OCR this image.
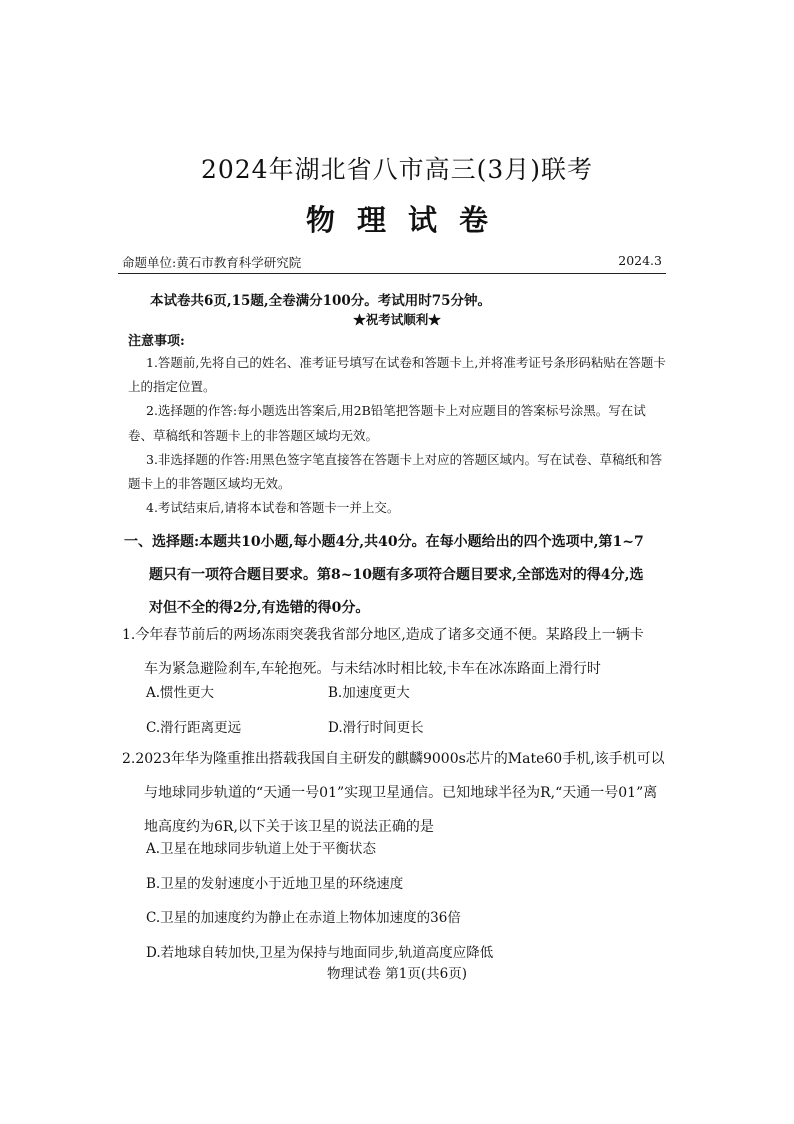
2024年湖北省八市高三(3月)联考
物理试卷
命题单位:黄石市教育科学研究院	2024.3
本试卷共6页,15题,全卷满分100分。考试用时75分钟。
★祝考试顺利★
注意事项:

1.答题前,先将自己的姓名、准考证号填写在试卷和答题卡上,并将准考证号条形码粘贴在答题卡上的指定位置。

2.选择题的作答:每小题选出答案后,用2B铅笔把答题卡上对应题目的答案标号涂黑。写在试卷、草稿纸和答题卡上的非答题区域均无效。

3.非选择题的作答:用黑色签字笔直接答在答题卡上对应的答题区域内。写在试卷、草稿纸和答题卡上的非答题区域均无效。

4.考试结束后,请将本试卷和答题卡一并上交。

一、选择题:本题共10小题,每小题4分,共40分。在每小题给出的四个选项中,第1~7
题只有一项符合题目要求。第8~10题有多项符合题目要求,全部选对的得4分,选
对但不全的得2分,有选错的得0分。
1.今年春节前后的两场冻雨突袭我省部分地区,造成了诸多交通不便。某路段上一辆卡
车为紧急避险刹车,车轮抱死。与未结冰时相比较,卡车在冰冻路面上滑行时
A.惯性更大	B.加速度更大
C.滑行距离更远	D.滑行时间更长
2.2023年华为隆重推出搭载我国自主研发的麒麟9000s芯片的Mate60手机,该手机可以
与地球同步轨道的“天通一号01”实现卫星通信。已知地球半径为R,“天通一号01”离
地高度约为6R,以下关于该卫星的说法正确的是
A.卫星在地球同步轨道上处于平衡状态
B.卫星的发射速度小于近地卫星的环绕速度
C.卫星的加速度约为静止在赤道上物体加速度的36倍
D.若地球自转加快,卫星为保持与地面同步,轨道高度应降低
物理试卷 第1页(共6页)
